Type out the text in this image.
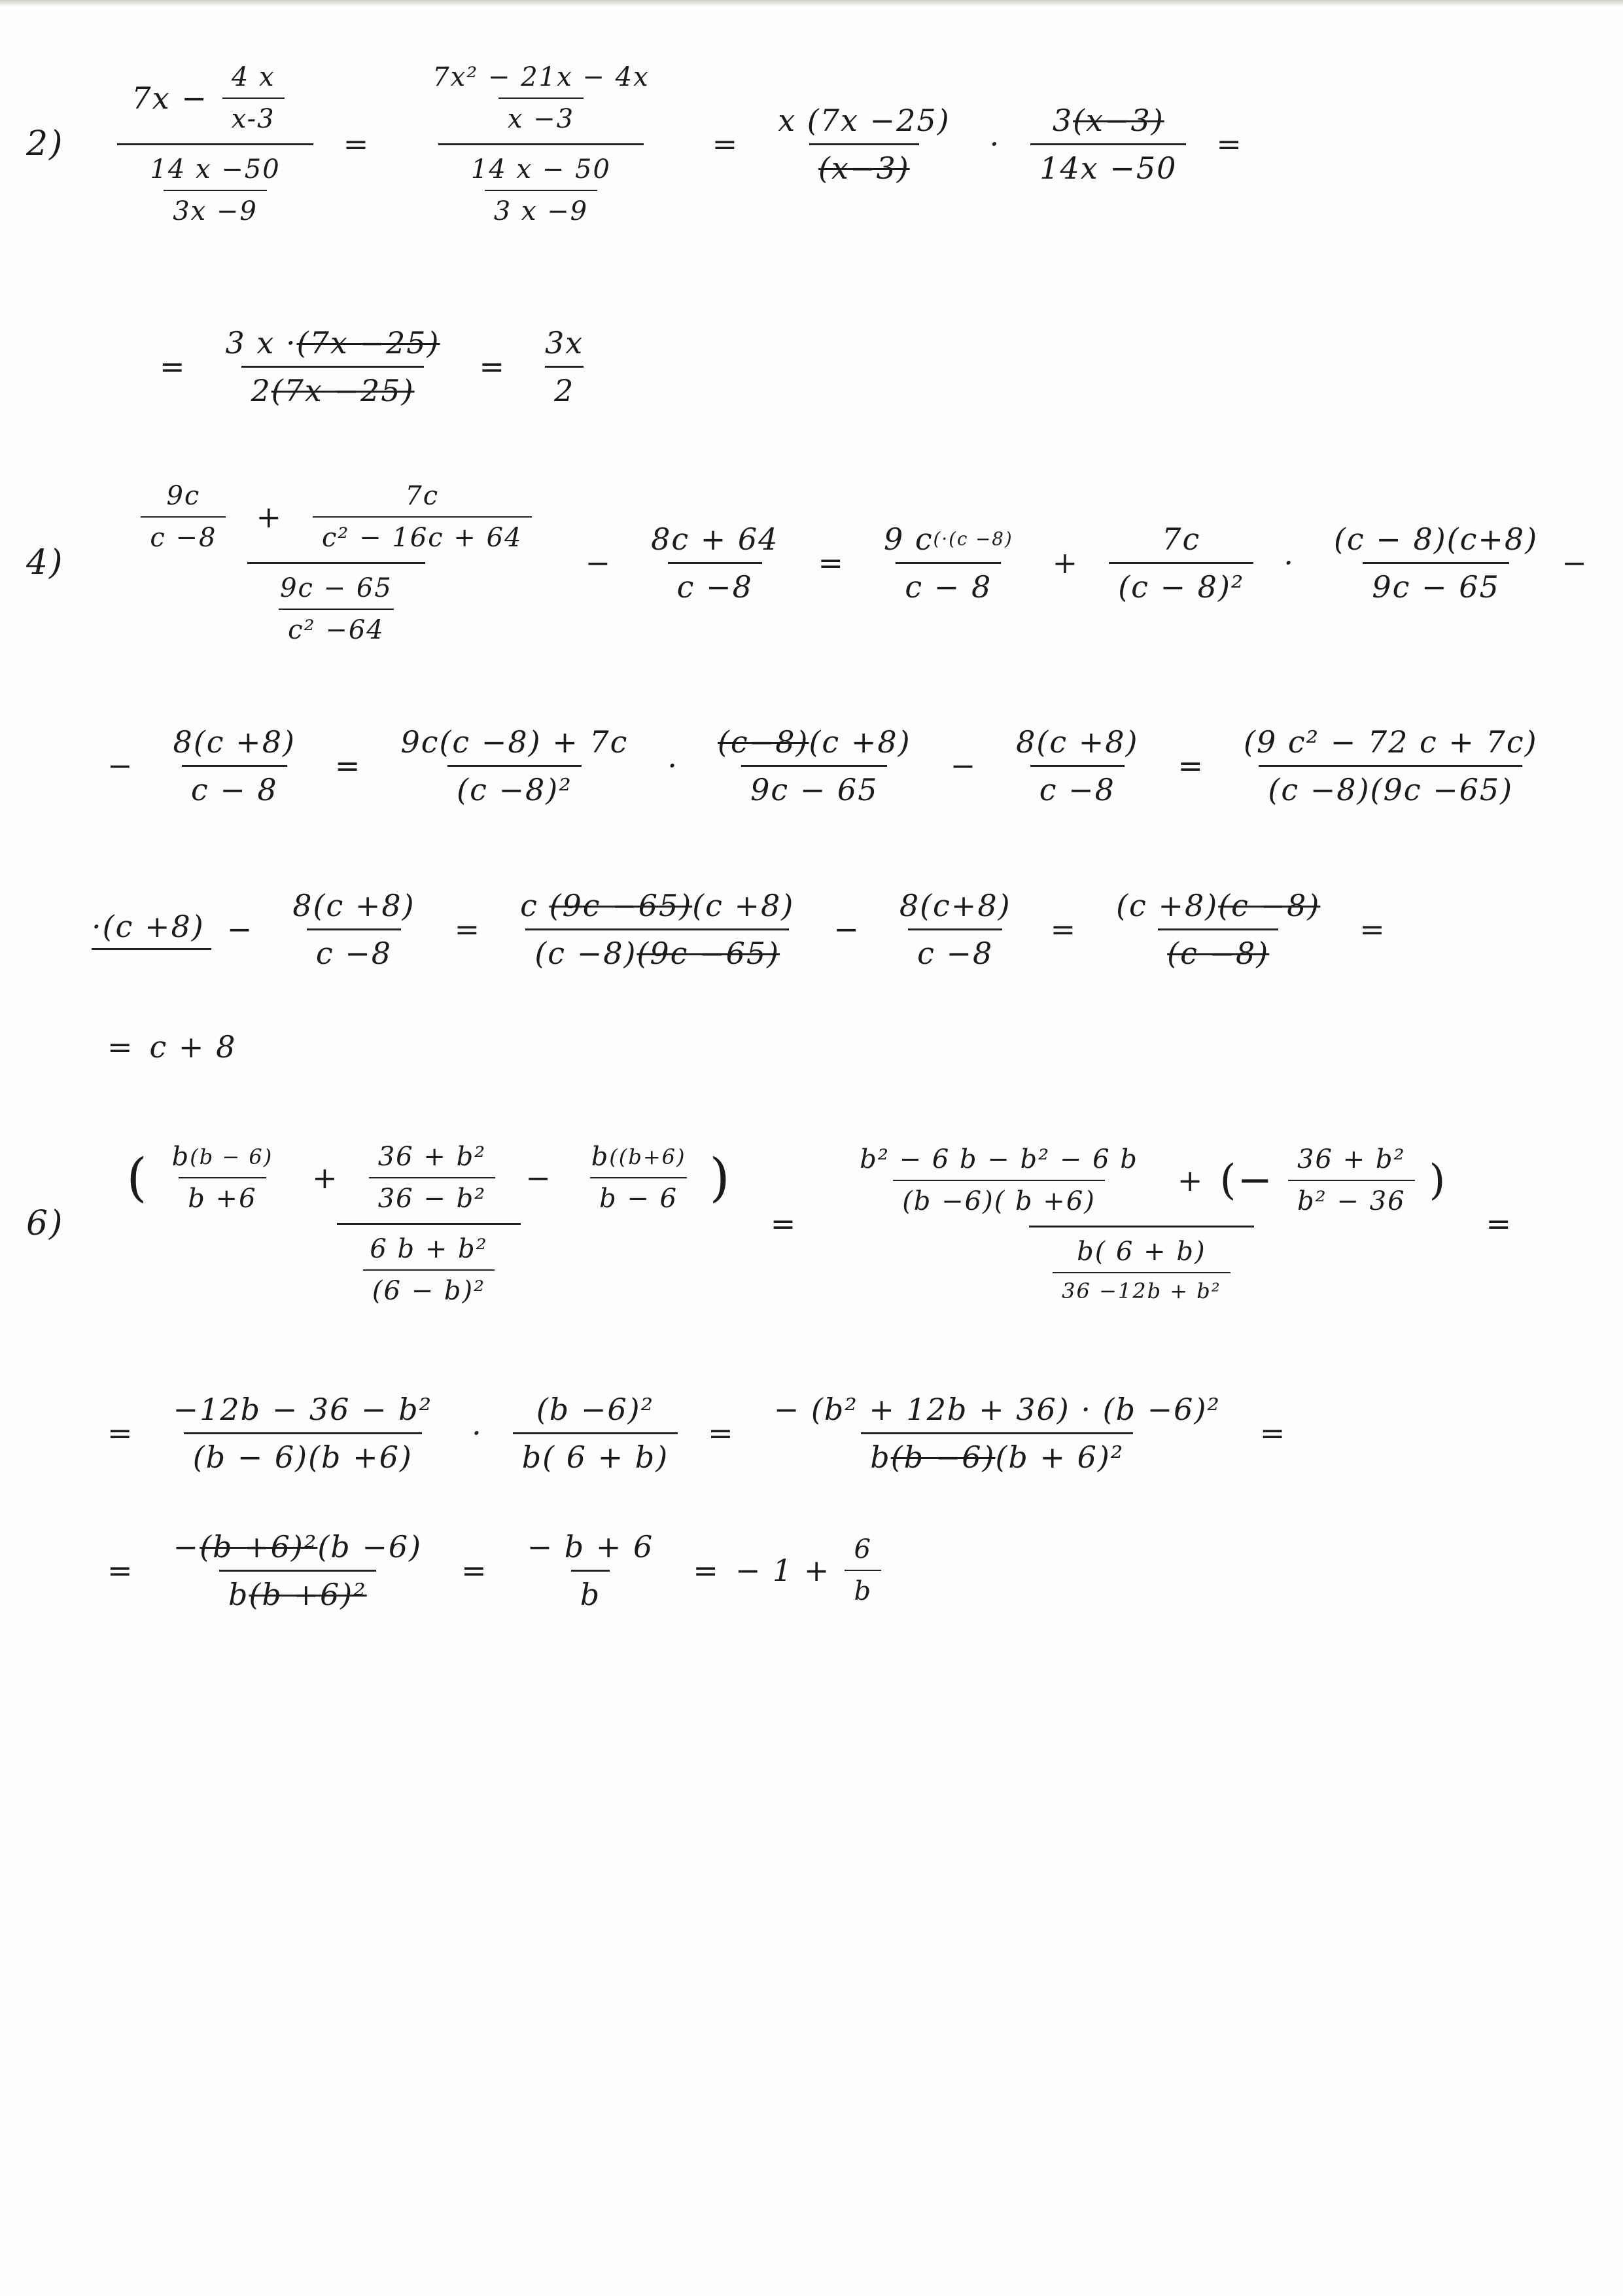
$2) \frac{7x - \frac{4 x}{x-3}}{\frac{14 x -50}{3x -9}} = \frac{\frac{\text{7x² − 21x − 4x}}{x -3}}{\frac{14 x - 50}{3 x -9}} = \frac{x (7x -25)}{(x-3)} \cdot \frac{3 (x-3)}{14x -50}$ =
= $\frac{3 x \cdot (7x -25)}{2 (7x -25)} = \frac{3x}{2}$
4)
$\frac{9c}{c -8} + \frac{7c}{\text{c² − 16c + 64}}$
$\frac{9c - 65}{\text{c² −64}}$
− $\frac{8c + 64}{c -8} = \frac{9 c (\cdot(c -8)}{c - 8} + \frac{7c}{\text{(c − 8)²}} \cdot \frac{(c - 8)(c+8)}{9c - 65}$ −
− $\frac{8(c +8)}{c - 8} = \frac{9c(c -8) + 7c}{\text{(c −8)²}} \cdot \frac{(c-8) (c +8)}{9c - 65} - \frac{8(c +8)}{c -8} = \frac{\text{(9 c² − 72 c + 7c)}}{(c -8)(9c -65)}$
$\cdot(c +8) - \frac{8(c +8)}{c -8} = c$
(9c −65) (c +8)
(c −8) $(9c -65) - \frac{8(c+8)}{c -8} = \frac{(c +8) (c -8)}{(c -8)}$ =
= c + 8
6)
( $\frac{b (b - 6)}{b +6} + \frac{\text{36 + b²}}{\text{36 − b²}} - \frac{b ((b+6)}{b - 6}$ )
$\frac{\text{6 b + b²}}{\text{(6 − b)²}}$
=
$\frac{\text{b² − 6 b − b² − 6 b}}{(b -6)( b +6)}$ + (− $\frac{\text{36 + b²}}{\text{b² − 36}}$ )
$\frac{b( 6 + b)}{\text{36 −12b + b²}}$
=
= $\frac{\text{−12b − 36 − b²}}{(b - 6)(b +6)} \cdot \frac{\text{(b −6)²}}{b( 6 + b)} = \frac{\text{− (b² + 12b + 36) · (b −6)²}}{\text{b (b −6) (b + 6)²}}$ =
= $\frac{\text{− (b +6)² (b −6)}}{\text{b (b +6)²}} = \frac{- b + 6}{b}$ = − $1 + \frac{6}{b}$
